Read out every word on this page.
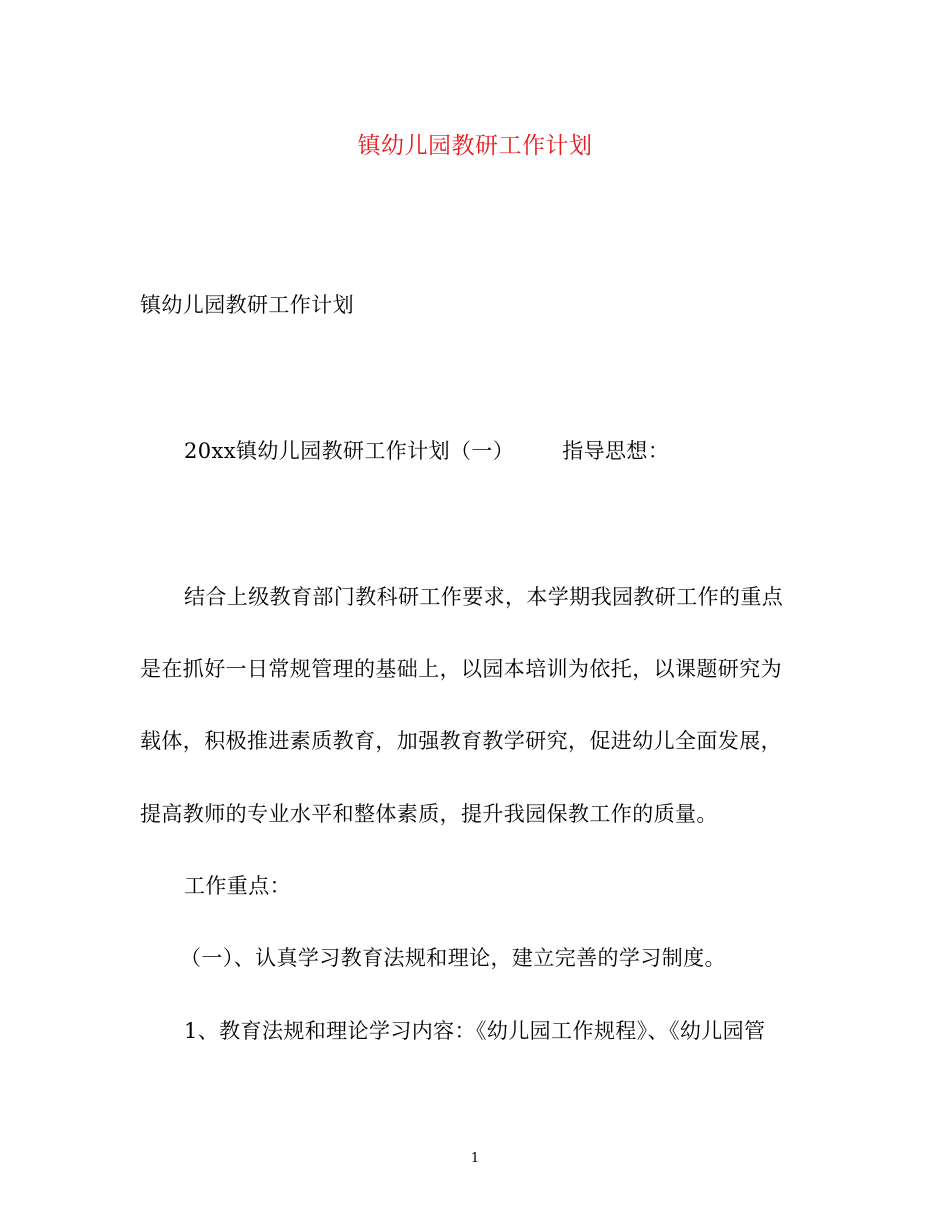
镇幼儿园教研工作计划
镇幼儿园教研工作计划
20xx镇幼儿园教研工作计划（一） 指导思想：
结合上级教育部门教科研工作要求，本学期我园教研工作的重点
是在抓好一日常规管理的基础上，以园本培训为依托，以课题研究为
载体，积极推进素质教育，加强教育教学研究，促进幼儿全面发展，
提高教师的专业水平和整体素质，提升我园保教工作的质量。
工作重点：
（一）、认真学习教育法规和理论，建立完善的学习制度。
1、教育法规和理论学习内容：《幼儿园工作规程》、《幼儿园管
1
